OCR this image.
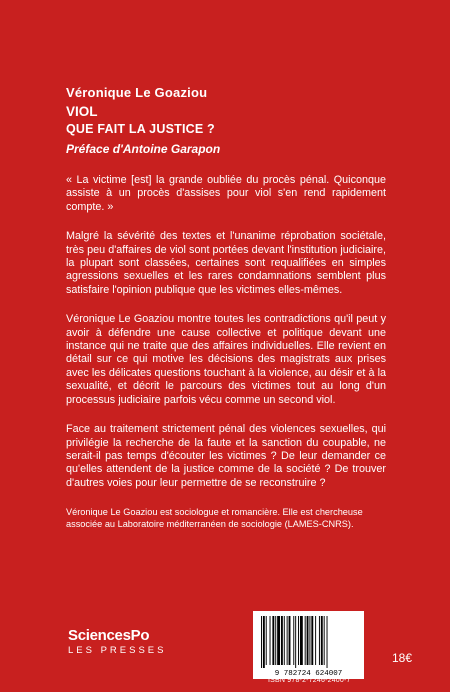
Véronique Le Goaziou
VIOL
QUE FAIT LA JUSTICE ?
Préface d'Antoine Garapon

« La victime [est] la grande oubliée du procès pénal. Quiconque assiste à un procès d'assises pour viol s'en rend rapidement compte. »

Malgré la sévérité des textes et l'unanime réprobation sociétale, très peu d'affaires de viol sont portées devant l'institution judiciaire, la plupart sont classées, certaines sont requalifiées en simples agressions sexuelles et les rares condamnations semblent plus satisfaire l'opinion publique que les victimes elles-mêmes.

Véronique Le Goaziou montre toutes les contradictions qu'il peut y avoir à défendre une cause collective et politique devant une instance qui ne traite que des affaires individuelles. Elle revient en détail sur ce qui motive les décisions des magistrats aux prises avec les délicates questions touchant à la violence, au désir et à la sexualité, et décrit le parcours des victimes tout au long d'un processus judiciaire parfois vécu comme un second viol.

Face au traitement strictement pénal des violences sexuelles, qui privilégie la recherche de la faute et la sanction du coupable, ne serait-il pas temps d'écouter les victimes ? De leur demander ce qu'elles attendent de la justice comme de la société ? De trouver d'autres voies pour leur permettre de se reconstruire ?

Véronique Le Goaziou est sociologue et romancière. Elle est chercheuse associée au Laboratoire méditerranéen de sociologie (LAMES-CNRS).

SciencesPo
LES PRESSES
9 782724 624007
ISBN 978-2-7246-2400-7
18€
